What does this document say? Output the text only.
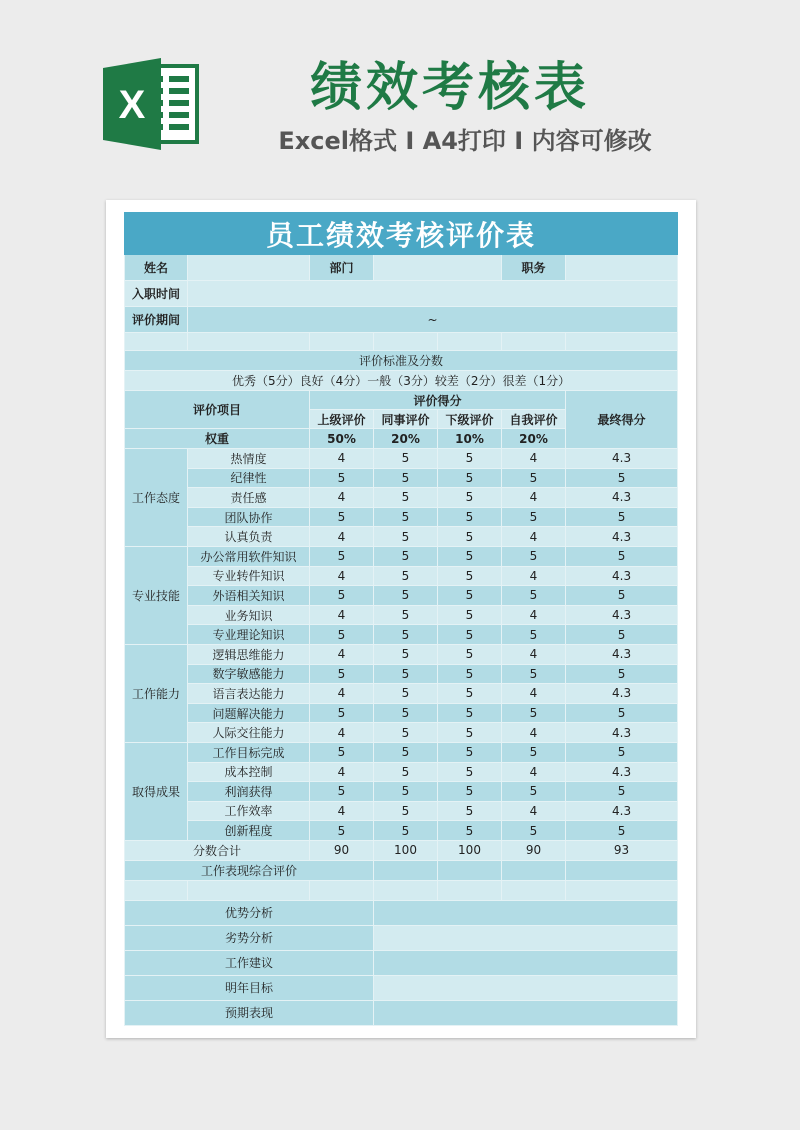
X	绩效考核表
Excel格式 I A4打印 I 内容可修改
员工绩效考核评价表						
姓名		部门			职务	
入职时间						
评价期间	~					

评价标准及分数						
优秀（5分）良好（4分）一般（3分）较差（2分）很差（1分）						
评价项目		评价得分				最终得分
		上级评价	同事评价	下级评价	自我评价	
权重		50%	20%	10%	20%	
工作态度	热情度	4	5	5	4	4.3
	纪律性	5	5	5	5	5
	责任感	4	5	5	4	4.3
	团队协作	5	5	5	5	5
	认真负责	4	5	5	4	4.3
专业技能	办公常用软件知识	5	5	5	5	5
	专业转件知识	4	5	5	4	4.3
	外语相关知识	5	5	5	5	5
	业务知识	4	5	5	4	4.3
	专业理论知识	5	5	5	5	5
工作能力	逻辑思维能力	4	5	5	4	4.3
	数字敏感能力	5	5	5	5	5
	语言表达能力	4	5	5	4	4.3
	问题解决能力	5	5	5	5	5
	人际交往能力	4	5	5	4	4.3
取得成果	工作目标完成	5	5	5	5	5
	成本控制	4	5	5	4	4.3
	利润获得	5	5	5	5	5
	工作效率	4	5	5	4	4.3
	创新程度	5	5	5	5	5
分数合计		90	100	100	90	93
工作表现综合评价						

优势分析						
劣势分析						
工作建议						
明年目标						
预期表现						
